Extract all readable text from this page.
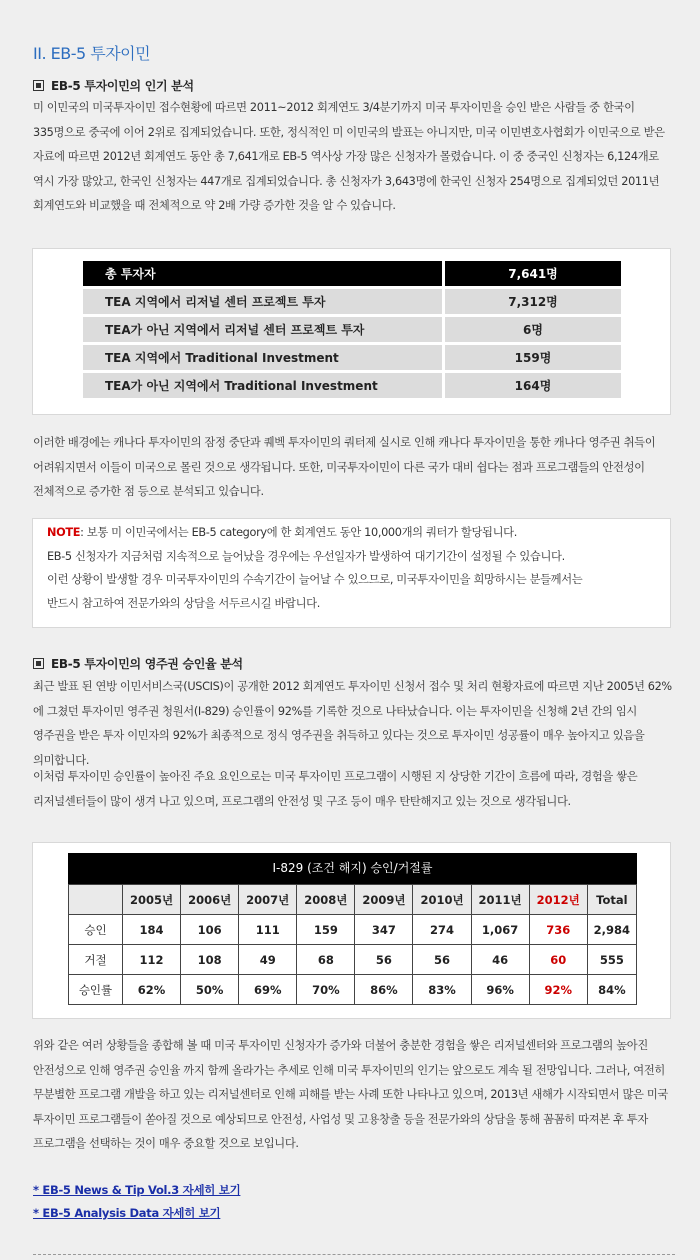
II. EB-5 투자이민
EB-5 투자이민의 인기 분석
미 이민국의 미국투자이민 접수현황에 따르면 2011~2012 회계연도 3/4분기까지 미국 투자이민을 승인 받은 사람들 중 한국이 335명으로 중국에 이어 2위로 집계되었습니다. 또한, 정식적인 미 이민국의 발표는 아니지만, 미국 이민변호사협회가 이민국으로 받은 자료에 따르면 2012년 회계연도 동안 총 7,641개로 EB-5 역사상 가장 많은 신청자가 몰렸습니다. 이 중 중국인 신청자는 6,124개로 역시 가장 많았고, 한국인 신청자는 447개로 집계되었습니다. 총 신청자가 3,643명에 한국인 신청자 254명으로 집계되었던 2011년 회계연도와 비교했을 때 전체적으로 약 2배 가량 증가한 것을 알 수 있습니다.
총 투자자	7,641명
TEA 지역에서 리저널 센터 프로젝트 투자	7,312명
TEA가 아닌 지역에서 리저널 센터 프로젝트 투자	6명
TEA 지역에서 Traditional Investment	159명
TEA가 아닌 지역에서 Traditional Investment	164명
이러한 배경에는 캐나다 투자이민의 잠정 중단과 퀘벡 투자이민의 쿼터제 실시로 인해 캐나다 투자이민을 통한 캐나다 영주권 취득이 어려워지면서 이들이 미국으로 몰린 것으로 생각됩니다. 또한, 미국투자이민이 다른 국가 대비 쉽다는 점과 프로그램들의 안전성이 전체적으로 증가한 점 등으로 분석되고 있습니다.
NOTE: 보통 미 이민국에서는 EB-5 category에 한 회계연도 동안 10,000개의 쿼터가 할당됩니다.
EB-5 신청자가 지금처럼 지속적으로 늘어났을 경우에는 우선일자가 발생하여 대기기간이 설정될 수 있습니다.
이런 상황이 발생할 경우 미국투자이민의 수속기간이 늘어날 수 있으므로, 미국투자이민을 희망하시는 분들께서는
반드시 참고하여 전문가와의 상담을 서두르시길 바랍니다.
EB-5 투자이민의 영주권 승인율 분석
최근 발표 된 연방 이민서비스국(USCIS)이 공개한 2012 회계연도 투자이민 신청서 접수 및 처리 현황자료에 따르면 지난 2005년 62%에 그쳤던 투자이민 영주권 청원서(I-829) 승인률이 92%를 기록한 것으로 나타났습니다. 이는 투자이민을 신청해 2년 간의 임시 영주권을 받은 투자 이민자의 92%가 최종적으로 정식 영주권을 취득하고 있다는 것으로 투자이민 성공률이 매우 높아지고 있음을 의미합니다.
이처럼 투자이민 승인률이 높아진 주요 요인으로는 미국 투자이민 프로그램이 시행된 지 상당한 기간이 흐름에 따라, 경험을 쌓은 리저널센터들이 많이 생겨 나고 있으며, 프로그램의 안전성 및 구조 등이 매우 탄탄해지고 있는 것으로 생각됩니다.
I-829 (조건 해지) 승인/거절률
	2005년	2006년	2007년	2008년	2009년	2010년	2011년	2012년	Total
승인	184	106	111	159	347	274	1,067	736	2,984
거절	112	108	49	68	56	56	46	60	555
승인률	62%	50%	69%	70%	86%	83%	96%	92%	84%
위와 같은 여러 상황들을 종합해 볼 때 미국 투자이민 신청자가 증가와 더불어 충분한 경험을 쌓은 리저널센터와 프로그램의 높아진 안전성으로 인해 영주권 승인율 까지 함께 올라가는 추세로 인해 미국 투자이민의 인기는 앞으로도 계속 될 전망입니다. 그러나, 여전히 무분별한 프로그램 개발을 하고 있는 리저널센터로 인해 피해를 받는 사례 또한 나타나고 있으며, 2013년 새해가 시작되면서 많은 미국 투자이민 프로그램들이 쏟아질 것으로 예상되므로 안전성, 사업성 및 고용창출 등을 전문가와의 상담을 통해 꼼꼼히 따져본 후 투자 프로그램을 선택하는 것이 매우 중요할 것으로 보입니다.
* EB-5 News & Tip Vol.3 자세히 보기
* EB-5 Analysis Data 자세히 보기
